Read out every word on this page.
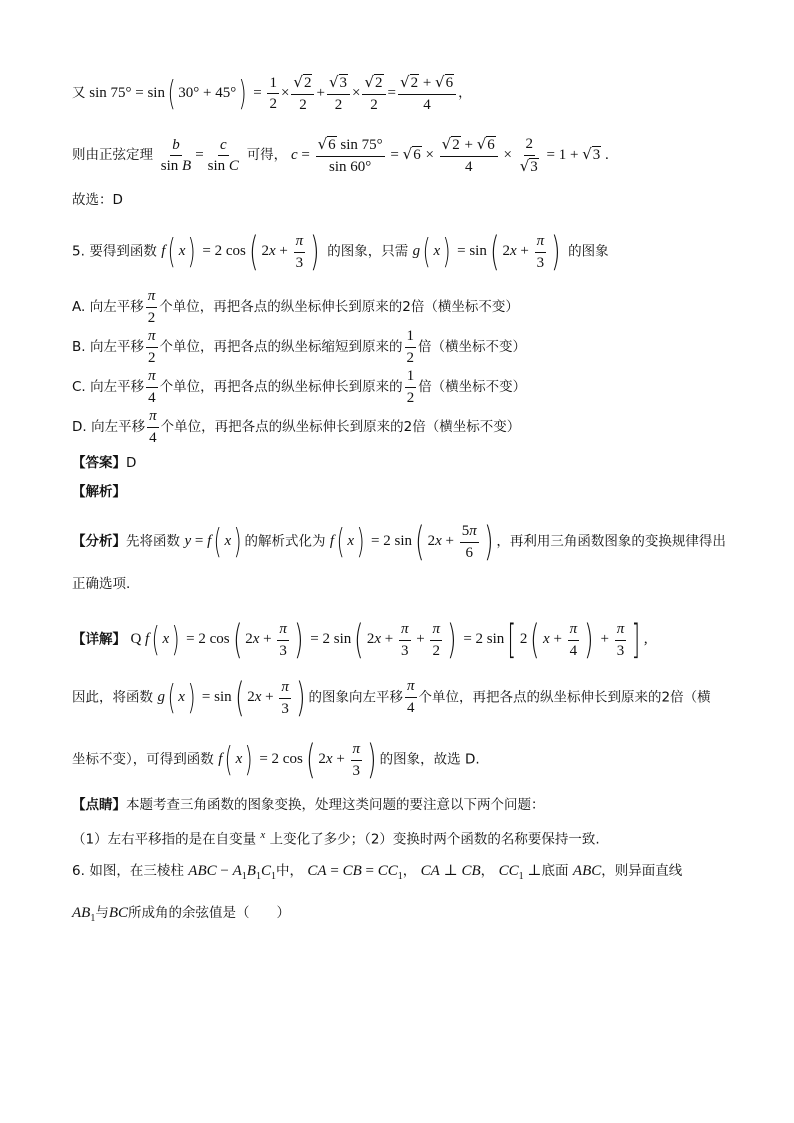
又 sin 75° = sin( $30^\circ + 45^\circ) = \frac{1}{2} \times \frac{√2}{2} + \frac{√3}{2} \times \frac{√2}{2} = \frac{√2 + √6}{4}$ ，
则由正弦定理 $\frac{b}{\text{sin B}} = \frac{c}{\text{sin C}}$ 可得， $c = \frac{√6 \sin 75^\circ}{\sin 60^\circ} = √6 \times \frac{√2 + √6}{4} \times \frac{2}{√3} = 1 + √3$ .
故选：D
5. 要得到函数 f( x) = 2 cos( $2x + \frac{\pi}{3}$ ) 的图象，只需 g( x) = sin( $2x + \frac{\pi}{3}$ ) 的图象
A. 向左平移 $\frac{\pi}{2}$ 个单位，再把各点的纵坐标伸长到原来的2倍（横坐标不变）
B. 向左平移 $\frac{\pi}{2}$ 个单位，再把各点的纵坐标缩短到原来的 $\frac{1}{2}$ 倍（横坐标不变）
C. 向左平移 $\frac{\pi}{4}$ 个单位，再把各点的纵坐标伸长到原来的 $\frac{1}{2}$ 倍（横坐标不变）
D. 向左平移 $\frac{\pi}{4}$ 个单位，再把各点的纵坐标伸长到原来的2倍（横坐标不变）
【答案】D
【解析】
【分析】先将函数 y = f( x) 的解析式化为 f( x) = 2 sin( $2x + \frac{5\pi}{6}$ ) ，再利用三角函数图象的变换规律得出
正确选项.
【详解】 Q f( x) = 2 cos( $2x + \frac{\pi}{3}$ ) = 2 sin( $2x + \frac{\pi}{3} + \frac{\pi}{2}$ ) = 2 sin[ 2( $x + \frac{\pi}{4}$ ) + $\frac{\pi}{3}$ ] ,
因此，将函数 g( x) = sin( $2x + \frac{\pi}{3}$ ) 的图象向左平移 $\frac{\pi}{4}$ 个单位，再把各点的纵坐标伸长到原来的2倍（横
坐标不变），可得到函数 f( x) = 2 cos( $2x + \frac{\pi}{3}$ ) 的图象，故选 D.
【点睛】本题考查三角函数的图象变换，处理这类问题的要注意以下两个问题：
（1）左右平移指的是在自变量 $^x$ 上变化了多少；（2）变换时两个函数的名称要保持一致.
6. 如图，在三棱柱 ABC − $A_1B_1C_1$中， CA = CB = $CC_1$， CA ⊥ CB， $CC_1$ ⊥底面 ABC，则异面直线
$AB_1$与BC所成角的余弦值是（　　）
